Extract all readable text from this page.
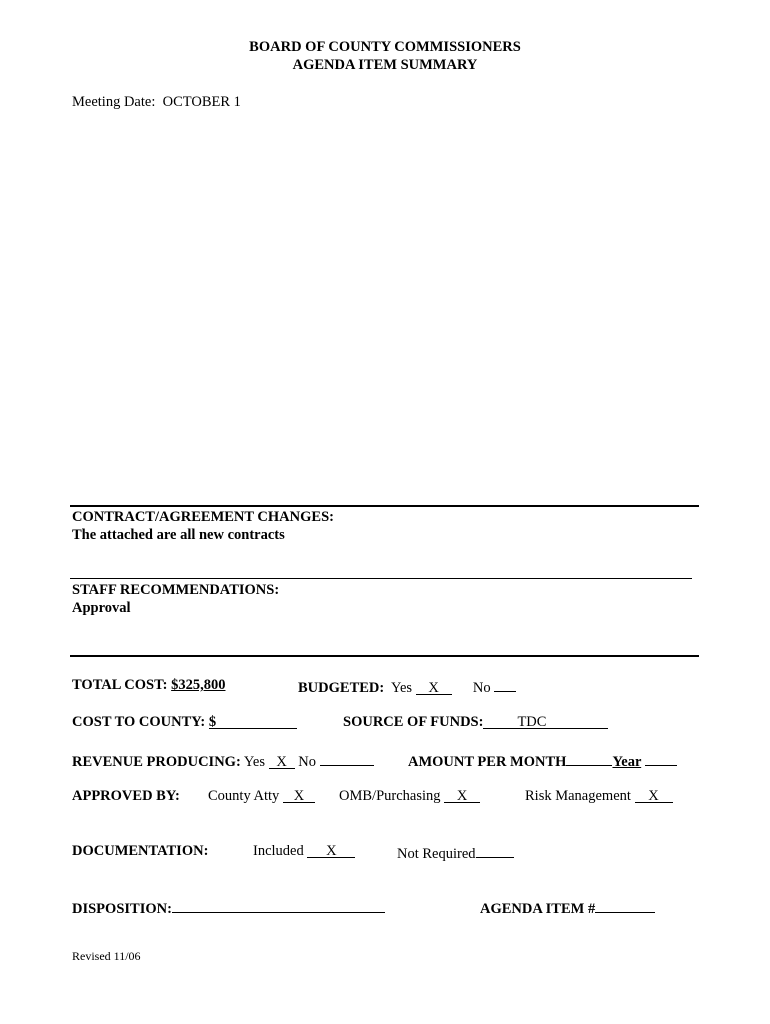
BOARD OF COUNTY COMMISSIONERS
AGENDA ITEM SUMMARY
Meeting Date: OCTOBER 1
CONTRACT/AGREEMENT CHANGES:
The attached are all new contracts
STAFF RECOMMENDATIONS:
Approval
TOTAL COST: $325,800	BUDGETED: Yes X No
COST TO COUNTY: $	SOURCE OF FUNDS: TDC
REVENUE PRODUCING: Yes X No	AMOUNT PER MONTH	Year
APPROVED BY: County Atty X	OMB/Purchasing X	Risk Management X
DOCUMENTATION:	Included X	Not Required
DISPOSITION:	AGENDA ITEM #
Revised 11/06
